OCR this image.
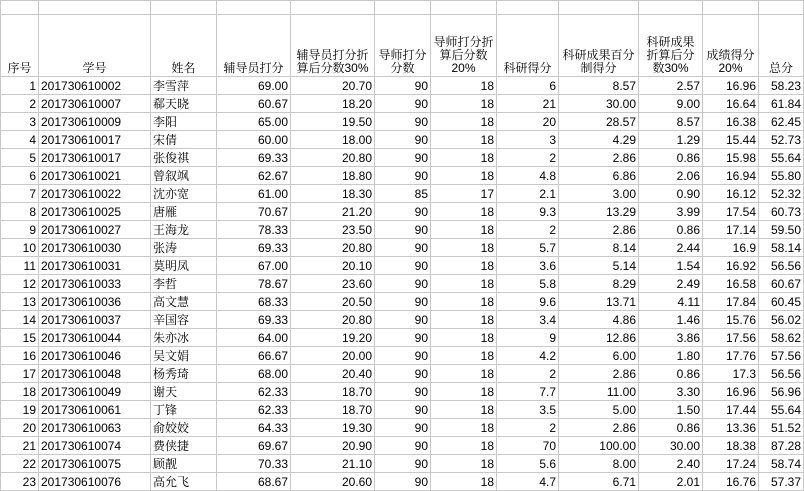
序号	学号	姓名	辅导员打分	辅导员打分折算后分数30%	导师打分分数	导师打分折算后分数20%	科研得分	科研成果百分制得分	科研成果折算后分数30%	成绩得分20%	总分
1	201730610002	李雪萍	69.00	20.70	90	18	6	8.57	2.57	16.96	58.23
2	201730610007	郗天晓	60.67	18.20	90	18	21	30.00	9.00	16.64	61.84
3	201730610009	李阳	65.00	19.50	90	18	20	28.57	8.57	16.38	62.45
4	201730610017	宋倩	60.00	18.00	90	18	3	4.29	1.29	15.44	52.73
5	201730610017	张俊祺	69.33	20.80	90	18	2	2.86	0.86	15.98	55.64
6	201730610021	曾叙飒	62.67	18.80	90	18	4.8	6.86	2.06	16.94	55.80
7	201730610022	沈亦宽	61.00	18.30	85	17	2.1	3.00	0.90	16.12	52.32
8	201730610025	唐雁	70.67	21.20	90	18	9.3	13.29	3.99	17.54	60.73
9	201730610027	王海龙	78.33	23.50	90	18	2	2.86	0.86	17.14	59.50
10	201730610030	张涛	69.33	20.80	90	18	5.7	8.14	2.44	16.9	58.14
11	201730610031	莫明凤	67.00	20.10	90	18	3.6	5.14	1.54	16.92	56.56
12	201730610033	李哲	78.67	23.60	90	18	5.8	8.29	2.49	16.58	60.67
13	201730610036	高文慧	68.33	20.50	90	18	9.6	13.71	4.11	17.84	60.45
14	201730610037	辛国容	69.33	20.80	90	18	3.4	4.86	1.46	15.76	56.02
15	201730610044	朱亦冰	64.00	19.20	90	18	9	12.86	3.86	17.56	58.62
16	201730610046	吴文娟	66.67	20.00	90	18	4.2	6.00	1.80	17.76	57.56
17	201730610048	杨秀琦	68.00	20.40	90	18	2	2.86	0.86	17.3	56.56
18	201730610049	谢天	62.33	18.70	90	18	7.7	11.00	3.30	16.96	56.96
19	201730610061	丁锋	62.33	18.70	90	18	3.5	5.00	1.50	17.44	55.64
20	201730610063	俞姣姣	64.33	19.30	90	18	2	2.86	0.86	13.36	51.52
21	201730610074	费侠捷	69.67	20.90	90	18	70	100.00	30.00	18.38	87.28
22	201730610075	顾靓	70.33	21.10	90	18	5.6	8.00	2.40	17.24	58.74
23	201730610076	高允飞	68.67	20.60	90	18	4.7	6.71	2.01	16.76	57.37
